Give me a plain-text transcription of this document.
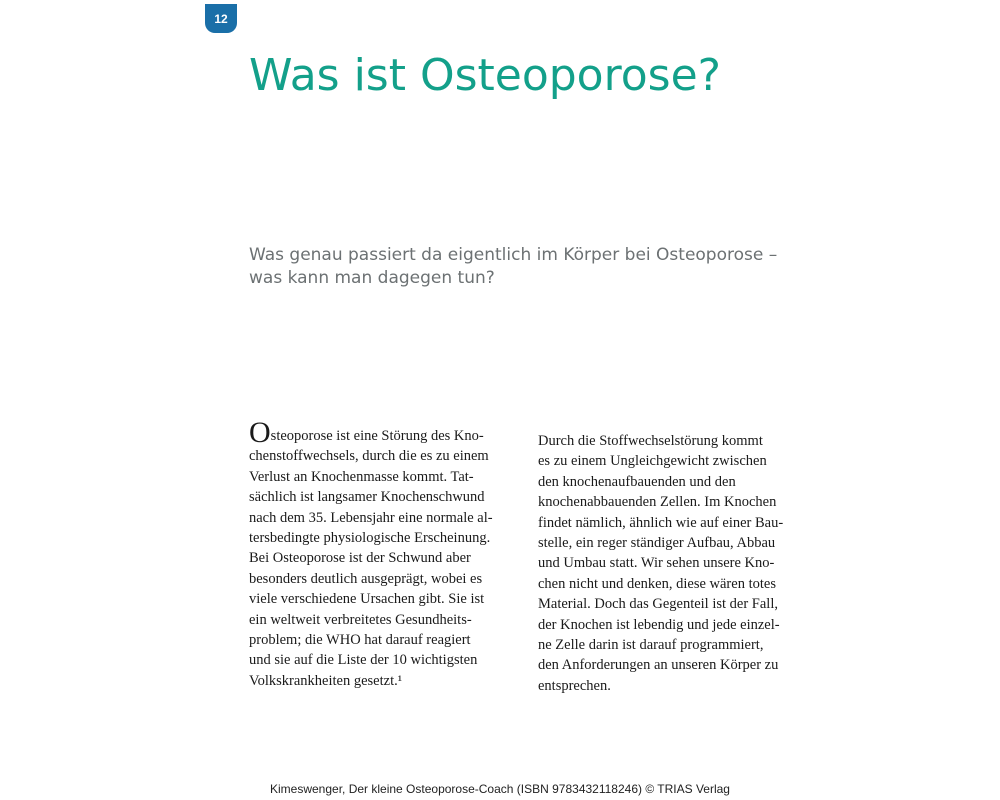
12
Was ist Osteoporose?

Was genau passiert da eigentlich im Körper bei Osteoporose –
was kann man dagegen tun?

Osteoporose ist eine Störung des Kno-
chenstoffwechsels, durch die es zu einem
Verlust an Knochenmasse kommt. Tat-
sächlich ist langsamer Knochenschwund
nach dem 35. Lebensjahr eine normale al-
tersbedingte physiologische Erscheinung.
Bei Osteoporose ist der Schwund aber
besonders deutlich ausgeprägt, wobei es
viele verschiedene Ursachen gibt. Sie ist
ein weltweit verbreitetes Gesundheits-
problem; die WHO hat darauf reagiert
und sie auf die Liste der 10 wichtigsten
Volkskrankheiten gesetzt.¹
Durch die Stoffwechselstörung kommt
es zu einem Ungleichgewicht zwischen
den knochenaufbauenden und den
knochenabbauenden Zellen. Im Knochen
findet nämlich, ähnlich wie auf einer Bau-
stelle, ein reger ständiger Aufbau, Abbau
und Umbau statt. Wir sehen unsere Kno-
chen nicht und denken, diese wären totes
Material. Doch das Gegenteil ist der Fall,
der Knochen ist lebendig und jede einzel-
ne Zelle darin ist darauf programmiert,
den Anforderungen an unseren Körper zu
entsprechen.
Kimeswenger, Der kleine Osteoporose-Coach (ISBN 9783432118246) © TRIAS Verlag
